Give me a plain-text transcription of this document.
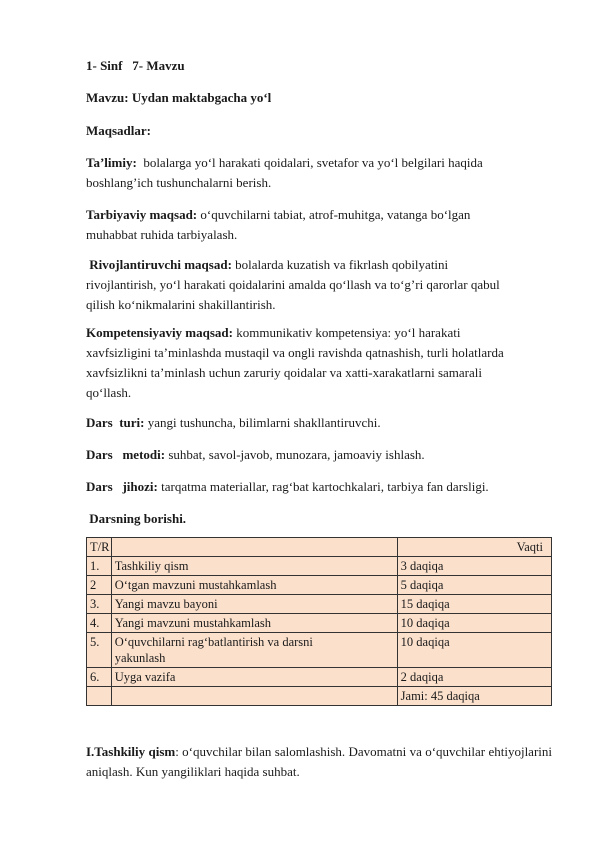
1- Sinf 7- Mavzu

Mavzu: Uydan maktabgacha yo‘l

Maqsadlar:

Ta’limiy: bolalarga yo‘l harakati qoidalari, svetafor va yo‘l belgilari haqida
boshlang’ich tushunchalarni berish.

Tarbiyaviy maqsad: o‘quvchilarni tabiat, atrof-muhitga, vatanga bo‘lgan
muhabbat ruhida tarbiyalash.

Rivojlantiruvchi maqsad: bolalarda kuzatish va fikrlash qobilyatini
rivojlantirish, yo‘l harakati qoidalarini amalda qo‘llash va to‘g’ri qarorlar qabul
qilish ko‘nikmalarini shakillantirish.

Kompetensiyaviy maqsad: kommunikativ kompetensiya: yo‘l harakati
xavfsizligini ta’minlashda mustaqil va ongli ravishda qatnashish, turli holatlarda
xavfsizlikni ta’minlash uchun zaruriy qoidalar va xatti-xarakatlarni samarali
qo‘llash.

Dars  turi: yangi tushuncha, bilimlarni shakllantiruvchi.

Dars   metodi: suhbat, savol-javob, munozara, jamoaviy ishlash.

Dars   jihozi: tarqatma materiallar, rag‘bat kartochkalari, tarbiya fan darsligi.

Darsning borishi.

T/R		Vaqti
1.	Tashkiliy qism	3 daqiqa
2	O‘tgan mavzuni mustahkamlash	5 daqiqa
3.	Yangi mavzu bayoni	15 daqiqa
4.	Yangi mavzuni mustahkamlash	10 daqiqa
5.	O‘quvchilarni rag‘batlantirish va darsni yakunlash	10 daqiqa
6.	Uyga vazifa	2 daqiqa
		Jami: 45 daqiqa

I.Tashkiliy qism: o‘quvchilar bilan salomlashish. Davomatni va o‘quvchilar ehtiyojlarini aniqlash. Kun yangiliklari haqida suhbat.
